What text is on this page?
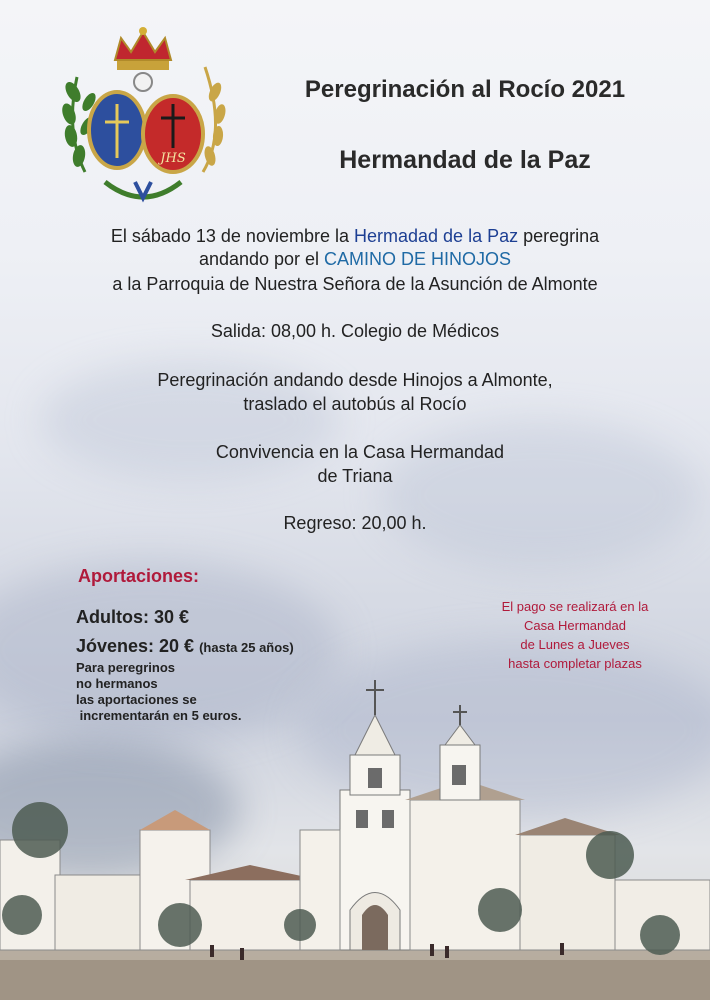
JHS
Peregrinación al Rocío 2021
Hermandad de la Paz
El sábado 13 de noviembre la Hermadad de la Paz peregrina
andando por el CAMINO DE HINOJOS
a la Parroquia de Nuestra Señora de la Asunción de Almonte
Salida: 08,00 h. Colegio de Médicos
Peregrinación andando desde Hinojos a Almonte,
traslado el autobús al Rocío
Convivencia en la Casa Hermandad
de Triana
Regreso: 20,00 h.
Aportaciones:
Adultos: 30 €
Jóvenes: 20 € (hasta 25 años)
Para peregrinos
no hermanos
las aportaciones se
incrementarán en 5 euros.
El pago se realizará en la
Casa Hermandad
de Lunes a Jueves
hasta completar plazas
